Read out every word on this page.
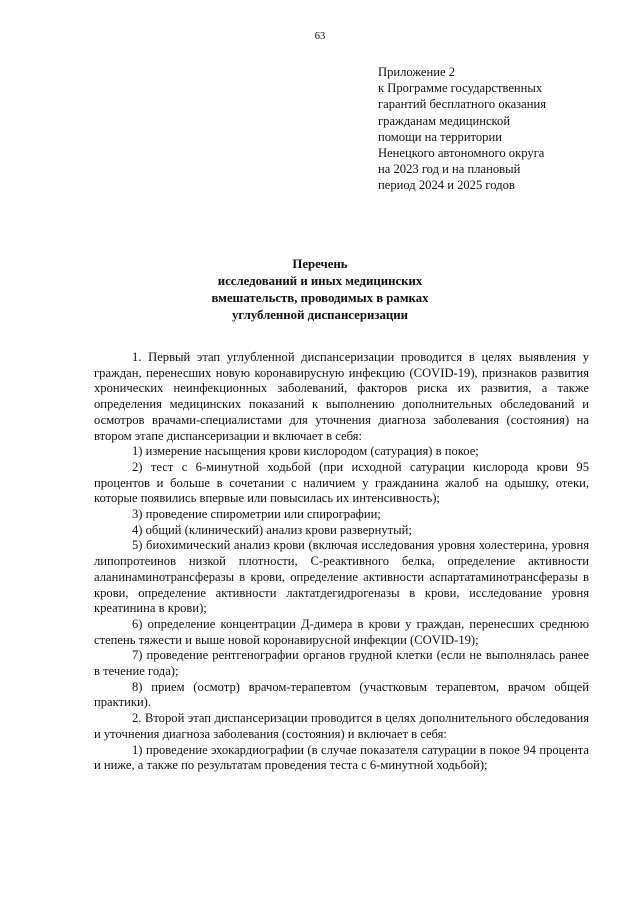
63
Приложение 2
к Программе государственных
гарантий бесплатного оказания
гражданам медицинской
помощи на территории
Ненецкого автономного округа
на 2023 год и на плановый
период 2024 и 2025 годов
Перечень
исследований и иных медицинских
вмешательств, проводимых в рамках
углубленной диспансеризации

1. Первый этап углубленной диспансеризации проводится в целях выявления у граждан, перенесших новую коронавирусную инфекцию (COVID-19), признаков развития хронических неинфекционных заболеваний, факторов риска их развития, а также определения медицинских показаний к выполнению дополнительных обследований и осмотров врачами-специалистами для уточнения диагноза заболевания (состояния) на втором этапе диспансеризации и включает в себя:

1) измерение насыщения крови кислородом (сатурация) в покое;

2) тест с 6-минутной ходьбой (при исходной сатурации кислорода крови 95 процентов и больше в сочетании с наличием у гражданина жалоб на одышку, отеки, которые появились впервые или повысилась их интенсивность);

3) проведение спирометрии или спирографии;

4) общий (клинический) анализ крови развернутый;

5) биохимический анализ крови (включая исследования уровня холестерина, уровня липопротеинов низкой плотности, С-реактивного белка, определение активности аланинаминотрансферазы в крови, определение активности аспартатаминотрансферазы в крови, определение активности лактатдегидрогеназы в крови, исследование уровня креатинина в крови);

6) определение концентрации Д-димера в крови у граждан, перенесших среднюю степень тяжести и выше новой коронавирусной инфекции (COVID-19);

7) проведение рентгенографии органов грудной клетки (если не выполнялась ранее в течение года);

8) прием (осмотр) врачом-терапевтом (участковым терапевтом, врачом общей практики).

2. Второй этап диспансеризации проводится в целях дополнительного обследования и уточнения диагноза заболевания (состояния) и включает в себя:

1) проведение эхокардиографии (в случае показателя сатурации в покое 94 процента и ниже, а также по результатам проведения теста с 6-минутной ходьбой);
